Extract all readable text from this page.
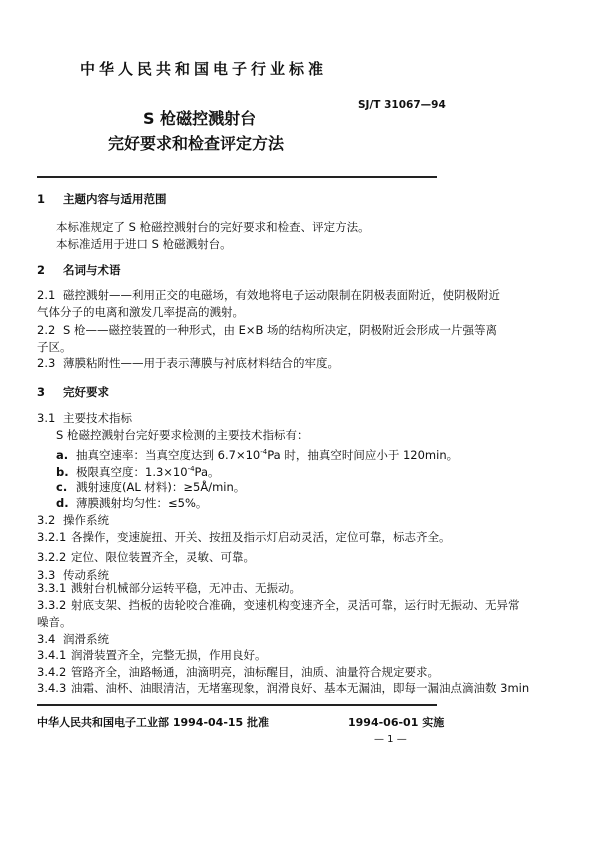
中华人民共和国电子行业标准
S 枪磁控溅射台
完好要求和检查评定方法
SJ/T 31067—94
1 主题内容与适用范围
本标准规定了 S 枪磁控溅射台的完好要求和检查、评定方法。
本标准适用于进口 S 枪磁溅射台。
2 名词与术语
2.1 磁控溅射——利用正交的电磁场，有效地将电子运动限制在阴极表面附近，使阴极附近
气体分子的电离和激发几率提高的溅射。
2.2 S 枪——磁控装置的一种形式，由 E×B 场的结构所决定，阴极附近会形成一片强等离
子区。
2.3 薄膜粘附性——用于表示薄膜与衬底材料结合的牢度。
3 完好要求
3.1 主要技术指标
S 枪磁控溅射台完好要求检测的主要技术指标有：
a. 抽真空速率：当真空度达到 $6.7\times 10^{-4}Pa$ 时，抽真空时间应小于 120min。
b. 极限真空度：$1.3\times 10^{-4}Pa$。
c. 溅射速度(AL 材料)：≥5Å/min。
d. 薄膜溅射均匀性：≤5%。
3.2 操作系统
3.2.1 各操作，变速旋扭、开关、按扭及指示灯启动灵活，定位可靠，标志齐全。
3.2.2 定位、限位装置齐全，灵敏、可靠。
3.3 传动系统
3.3.1 溅射台机械部分运转平稳，无冲击、无振动。
3.3.2 射底支架、挡板的齿轮咬合准确，变速机构变速齐全，灵活可靠，运行时无振动、无异常
噪音。
3.4 润滑系统
3.4.1 润滑装置齐全，完整无损，作用良好。
3.4.2 管路齐全，油路畅通，油滴明亮，油标醒目，油质、油量符合规定要求。
3.4.3 油霜、油杯、油眼清洁，无堵塞现象，润滑良好、基本无漏油，即每一漏油点滴油数 3min
中华人民共和国电子工业部 1994-04-15 批准	1994-06-01 实施
— 1 —
